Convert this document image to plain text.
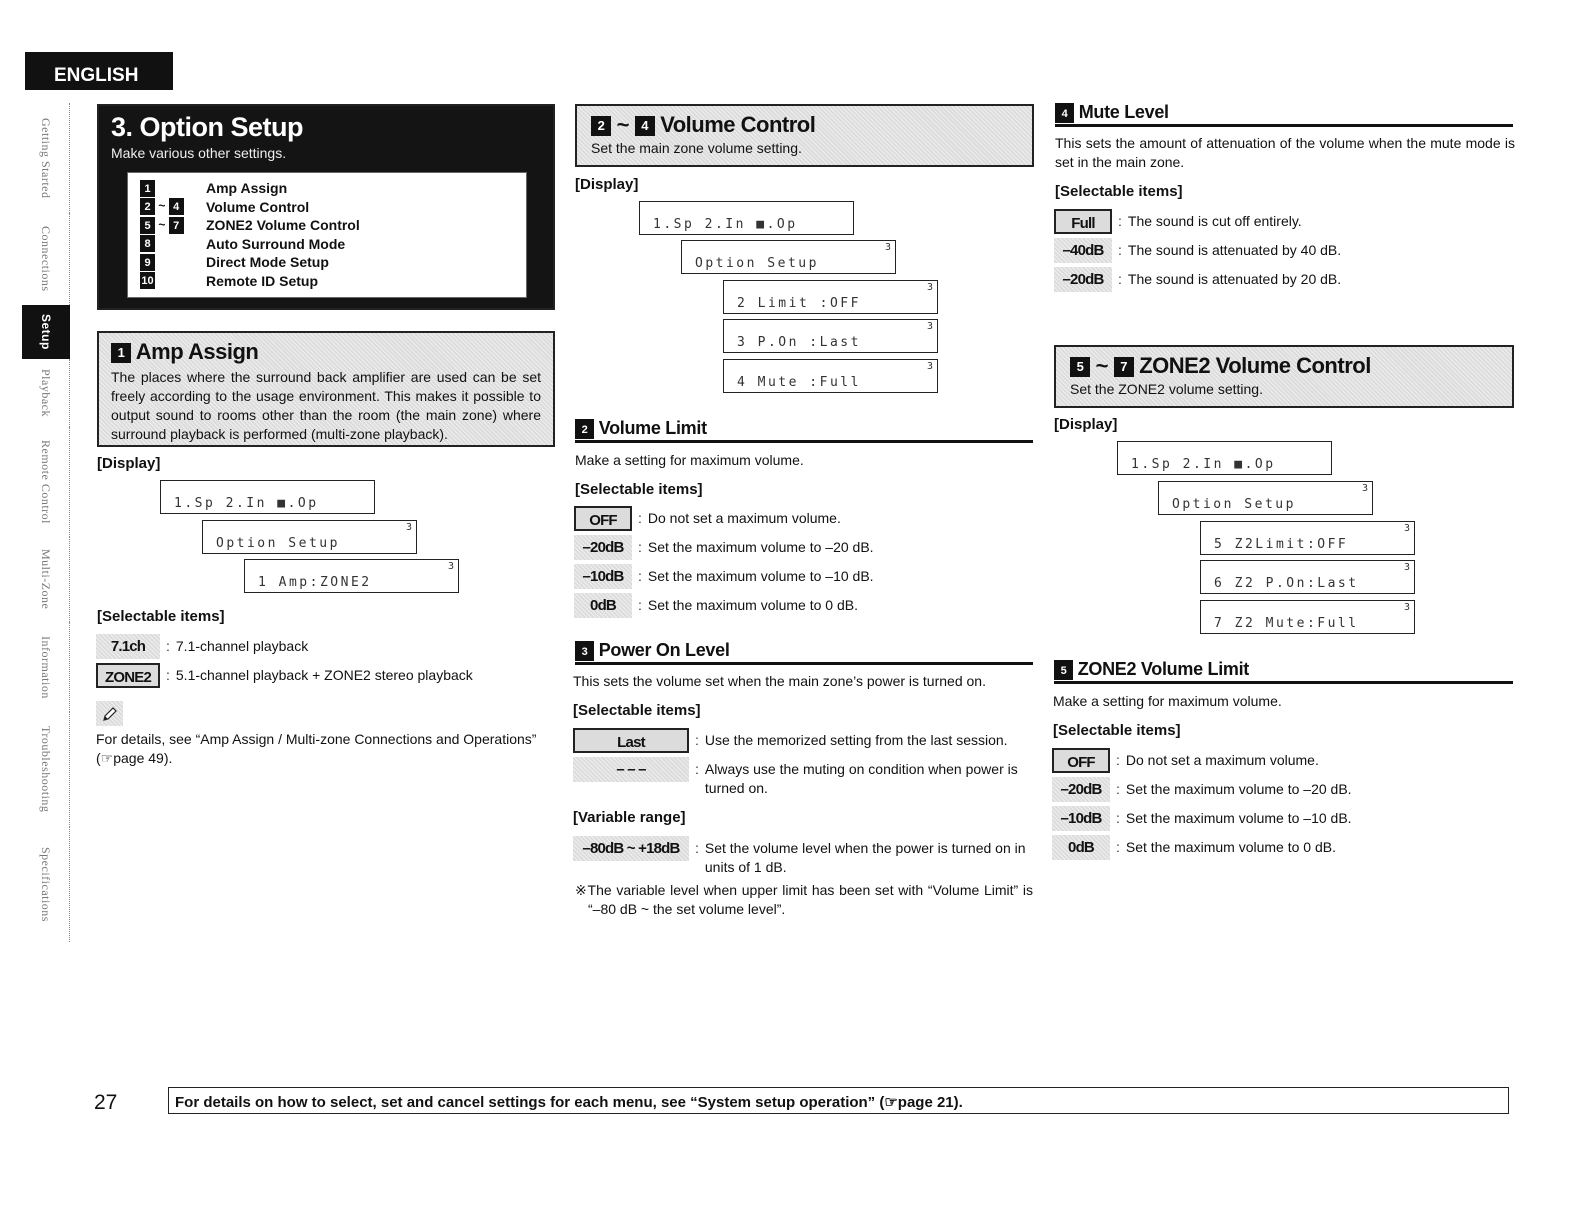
ENGLISH
Getting Started
Connections
Setup
Playback
Remote Control
Multi-Zone
Information
Troubleshooting
Specifications
3. Option Setup
Make various other settings.
1	Amp Assign
2 ~ 4	Volume Control
5 ~ 7	ZONE2 Volume Control
8	Auto Surround Mode
9	Direct Mode Setup
10	Remote ID Setup
1 Amp Assign
The places where the surround back amplifier are used can be set freely according to the usage environment. This makes it possible to output sound to rooms other than the room (the main zone) where surround playback is performed (multi-zone playback).
[Display]
1.Sp 2.In ■.Op
3
Option Setup
3
1 Amp:ZONE2
[Selectable items]
7.1ch	: 7.1-channel playback
ZONE2	: 5.1-channel playback + ZONE2 stereo playback
For details, see “Amp Assign / Multi-zone Connections and Operations” (☞page 49).
2 ~ 4 Volume Control
Set the main zone volume setting.
[Display]
1.Sp 2.In ■.Op
3
Option Setup
3
2 Limit :OFF
3
3 P.On :Last
3
4 Mute :Full
2 Volume Limit
Make a setting for maximum volume.
[Selectable items]
OFF	: Do not set a maximum volume.
–20dB	: Set the maximum volume to –20 dB.
–10dB	: Set the maximum volume to –10 dB.
0dB	: Set the maximum volume to 0 dB.
3 Power On Level
This sets the volume set when the main zone’s power is turned on.
[Selectable items]
Last	: Use the memorized setting from the last session.
– – –	: Always use the muting on condition when power is turned on.
[Variable range]
–80dB ~ +18dB	: Set the volume level when the power is turned on in units of 1 dB.
※The variable level when upper limit has been set with “Volume Limit” is “–80 dB ~ the set volume level”.
4 Mute Level
This sets the amount of attenuation of the volume when the mute mode is set in the main zone.
[Selectable items]
Full	: The sound is cut off entirely.
–40dB	: The sound is attenuated by 40 dB.
–20dB	: The sound is attenuated by 20 dB.
5 ~ 7 ZONE2 Volume Control
Set the ZONE2 volume setting.
[Display]
1.Sp 2.In ■.Op
3
Option Setup
3
5 Z2Limit:OFF
3
6 Z2 P.On:Last
3
7 Z2 Mute:Full
5 ZONE2 Volume Limit
Make a setting for maximum volume.
[Selectable items]
OFF	: Do not set a maximum volume.
–20dB	: Set the maximum volume to –20 dB.
–10dB	: Set the maximum volume to –10 dB.
0dB	: Set the maximum volume to 0 dB.
27	For details on how to select, set and cancel settings for each menu, see “System setup operation” (☞page 21).
